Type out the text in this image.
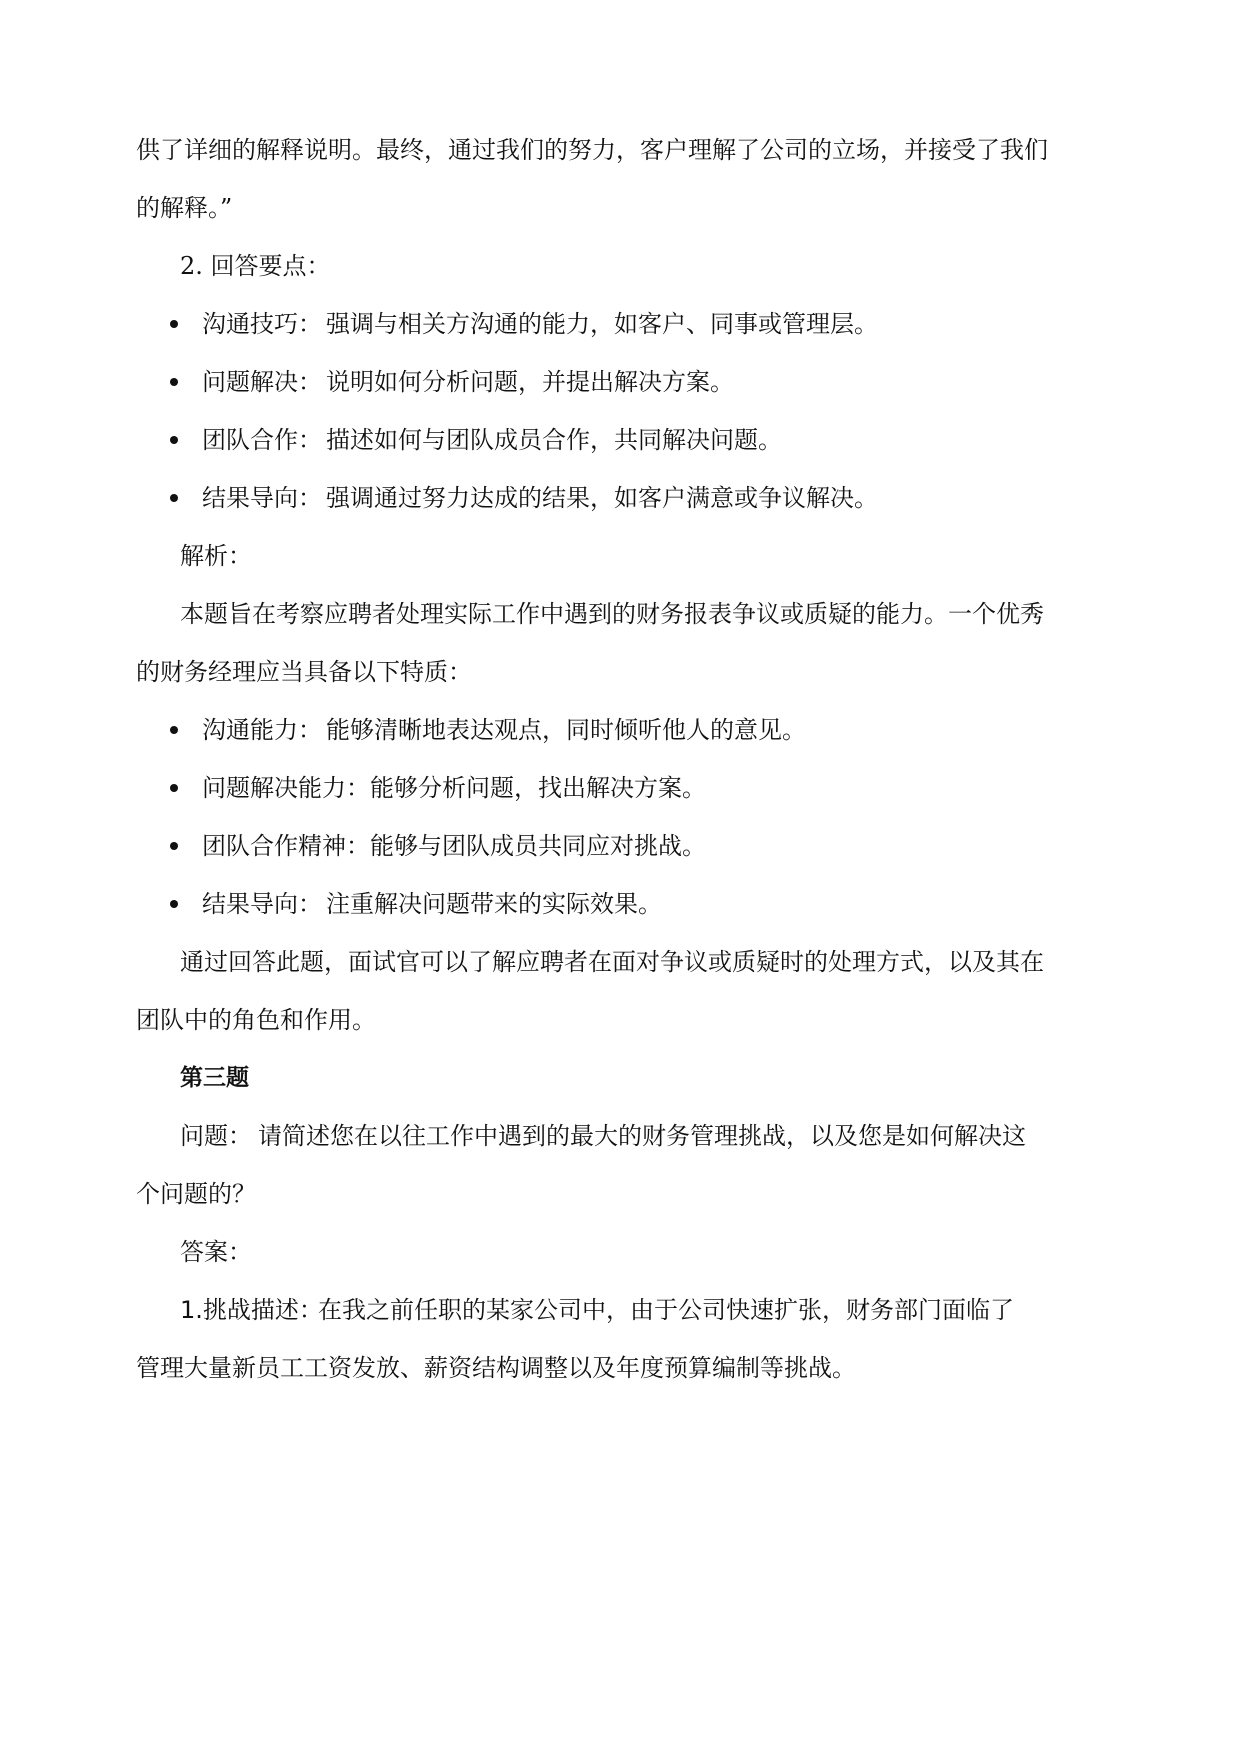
供了详细的解释说明。最终，通过我们的努力，客户理解了公司的立场，并接受了我们
的解释。”
2. 回答要点：
沟通技巧： 强调与相关方沟通的能力，如客户、同事或管理层。
问题解决： 说明如何分析问题，并提出解决方案。
团队合作： 描述如何与团队成员合作，共同解决问题。
结果导向： 强调通过努力达成的结果，如客户满意或争议解决。
解析：
本题旨在考察应聘者处理实际工作中遇到的财务报表争议或质疑的能力。一个优秀
的财务经理应当具备以下特质：
沟通能力： 能够清晰地表达观点，同时倾听他人的意见。
问题解决能力： 能够分析问题，找出解决方案。
团队合作精神： 能够与团队成员共同应对挑战。
结果导向： 注重解决问题带来的实际效果。
通过回答此题，面试官可以了解应聘者在面对争议或质疑时的处理方式，以及其在
团队中的角色和作用。
第三题
问题： 请简述您在以往工作中遇到的最大的财务管理挑战，以及您是如何解决这
个问题的？
答案：
1.挑战描述：
在我之前任职的某家公司中，由于公司快速扩张，财务部门面临了
管理大量新员工工资发放、薪资结构调整以及年度预算编制等挑战。
